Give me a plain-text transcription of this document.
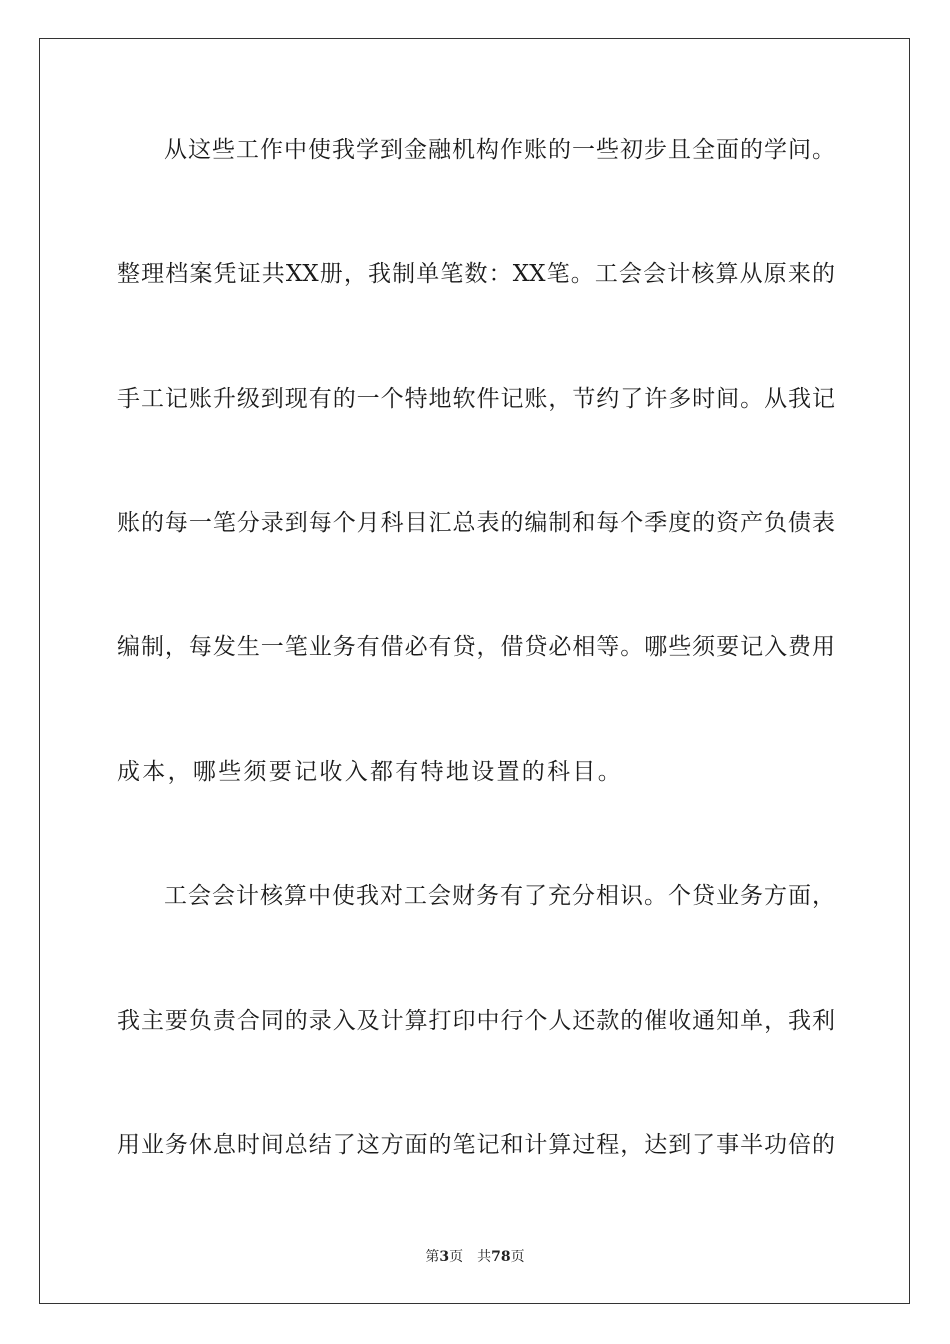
从这些工作中使我学到金融机构作账的一些初步且全面的学问。
整理档案凭证共XX册，我制单笔数：XX笔。工会会计核算从原来的
手工记账升级到现有的一个特地软件记账，节约了许多时间。从我记
账的每一笔分录到每个月科目汇总表的编制和每个季度的资产负债表
编制，每发生一笔业务有借必有贷，借贷必相等。哪些须要记入费用
成本，哪些须要记收入都有特地设置的科目。
工会会计核算中使我对工会财务有了充分相识。个贷业务方面，
我主要负责合同的录入及计算打印中行个人还款的催收通知单，我利
用业务休息时间总结了这方面的笔记和计算过程，达到了事半功倍的
第3页 共78页
